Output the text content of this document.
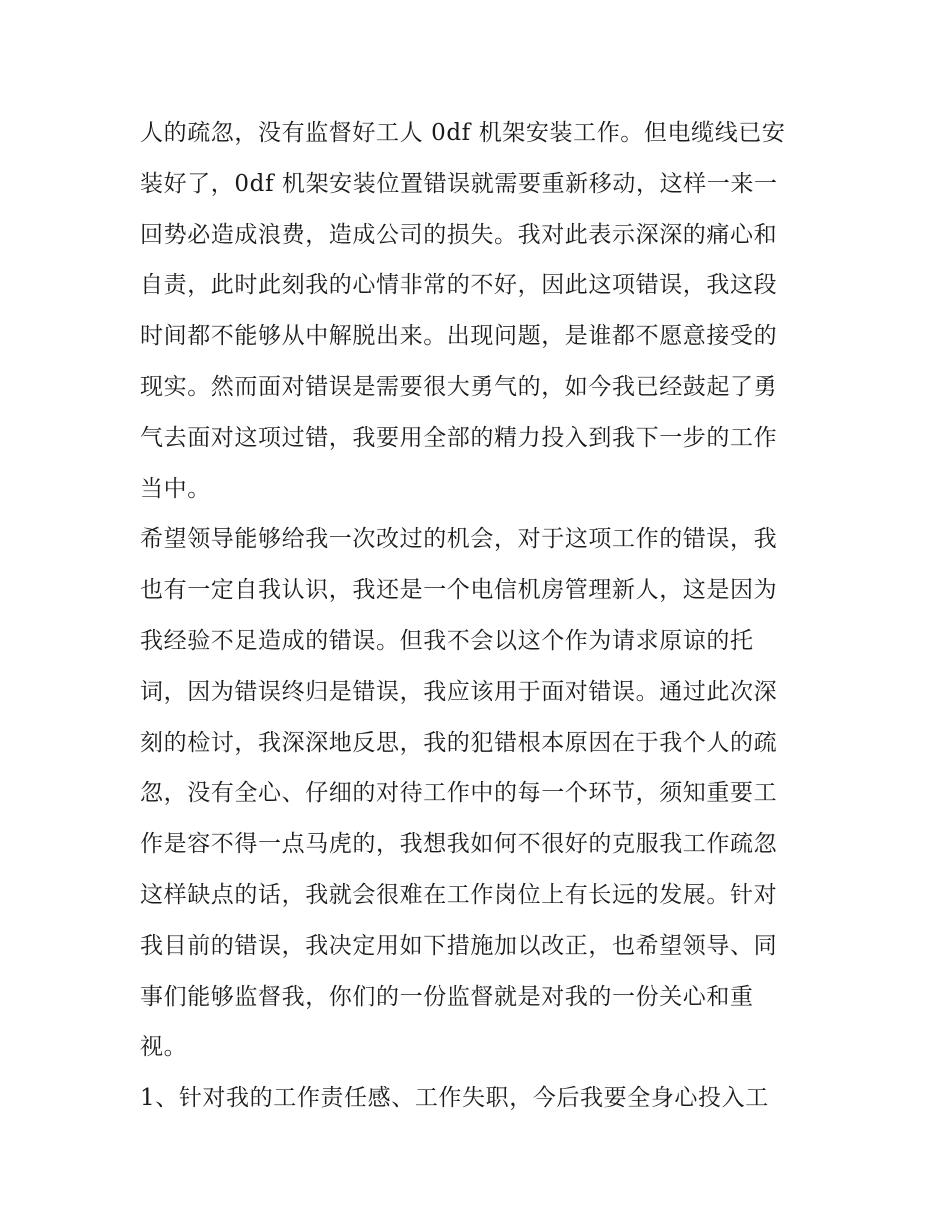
人的疏忽，没有监督好工人 0df 机架安装工作。但电缆线已安
装好了，0df 机架安装位置错误就需要重新移动，这样一来一
回势必造成浪费，造成公司的损失。我对此表示深深的痛心和
自责，此时此刻我的心情非常的不好，因此这项错误，我这段
时间都不能够从中解脱出来。出现问题，是谁都不愿意接受的
现实。然而面对错误是需要很大勇气的，如今我已经鼓起了勇
气去面对这项过错，我要用全部的精力投入到我下一步的工作
当中。
希望领导能够给我一次改过的机会，对于这项工作的错误，我
也有一定自我认识，我还是一个电信机房管理新人，这是因为
我经验不足造成的错误。但我不会以这个作为请求原谅的托
词，因为错误终归是错误，我应该用于面对错误。通过此次深
刻的检讨，我深深地反思，我的犯错根本原因在于我个人的疏
忽，没有全心、仔细的对待工作中的每一个环节，须知重要工
作是容不得一点马虎的，我想我如何不很好的克服我工作疏忽
这样缺点的话，我就会很难在工作岗位上有长远的发展。针对
我目前的错误，我决定用如下措施加以改正，也希望领导、同
事们能够监督我，你们的一份监督就是对我的一份关心和重
视。
1、针对我的工作责任感、工作失职，今后我要全身心投入工
